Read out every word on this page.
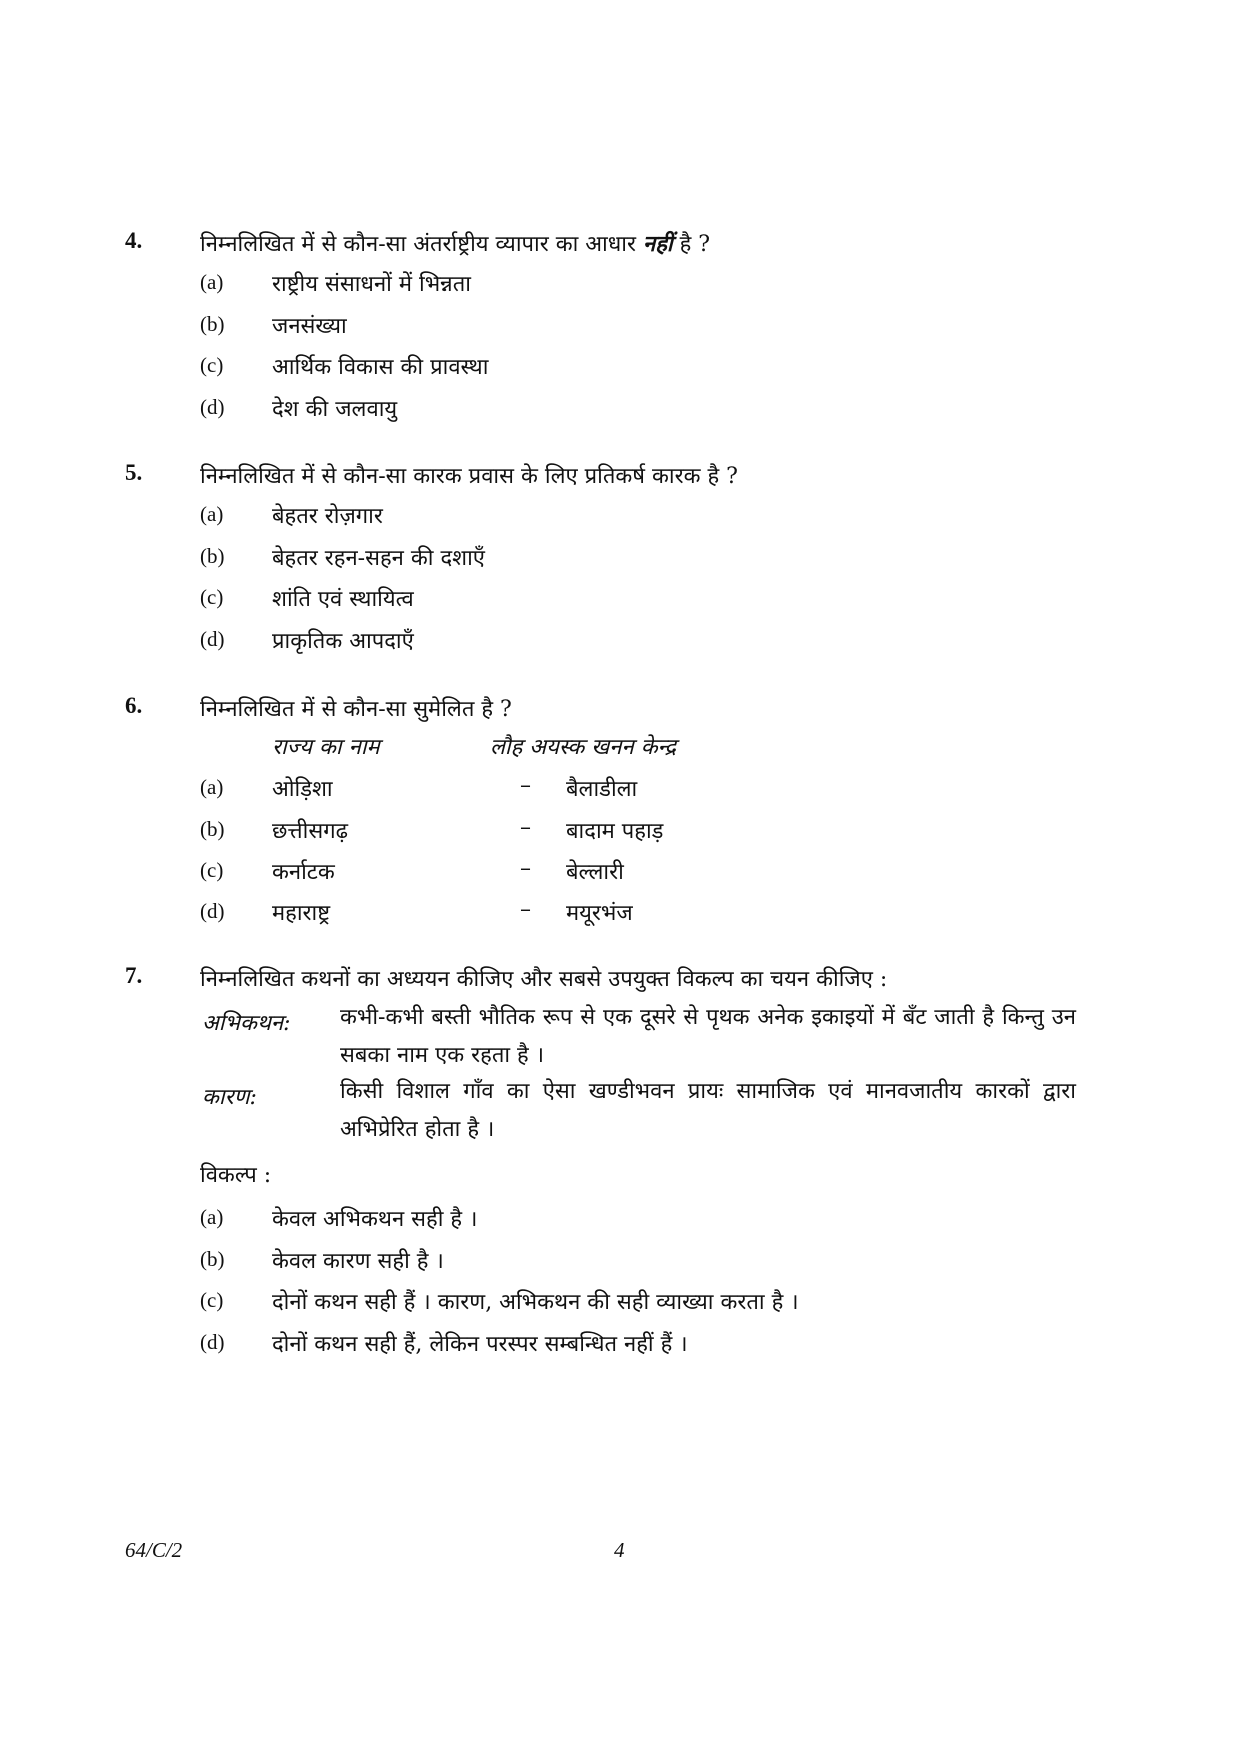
4.	निम्नलिखित में से कौन-सा अंतर्राष्ट्रीय व्यापार का आधार नहीं है ?
(a) राष्ट्रीय संसाधनों में भिन्नता
(b) जनसंख्या
(c) आर्थिक विकास की प्रावस्था
(d) देश की जलवायु
5.	निम्नलिखित में से कौन-सा कारक प्रवास के लिए प्रतिकर्ष कारक है ?
(a) बेहतर रोज़गार
(b) बेहतर रहन-सहन की दशाएँ
(c) शांति एवं स्थायित्व
(d) प्राकृतिक आपदाएँ
6.	निम्नलिखित में से कौन-सा सुमेलित है ?
राज्य का नाम	लौह अयस्क खनन केन्द्र
(a) ओड़िशा	– बैलाडीला
(b) छत्तीसगढ़	– बादाम पहाड़
(c) कर्नाटक	– बेल्लारी
(d) महाराष्ट्र	– मयूरभंज
7.	निम्नलिखित कथनों का अध्ययन कीजिए और सबसे उपयुक्त विकल्प का चयन कीजिए :
अभिकथन: कभी-कभी बस्ती भौतिक रूप से एक दूसरे से पृथक अनेक इकाइयों में बँट जाती है किन्तु उन सबका नाम एक रहता है ।
कारण:	किसी विशाल गाँव का ऐसा खण्डीभवन प्रायः सामाजिक एवं मानवजातीय कारकों द्वारा अभिप्रेरित होता है ।
विकल्प :
(a) केवल अभिकथन सही है ।
(b) केवल कारण सही है ।
(c) दोनों कथन सही हैं । कारण, अभिकथन की सही व्याख्या करता है ।
(d) दोनों कथन सही हैं, लेकिन परस्पर सम्बन्धित नहीं हैं ।
64/C/2	4
